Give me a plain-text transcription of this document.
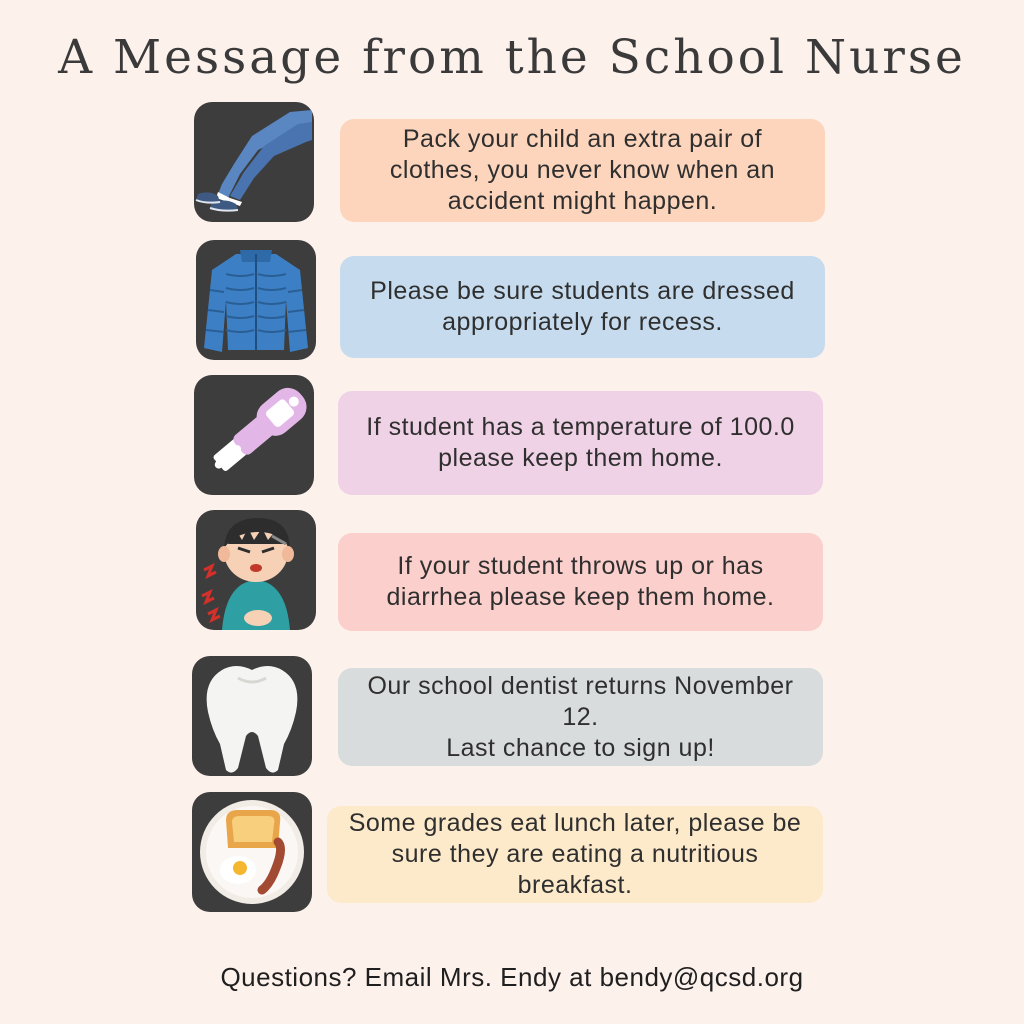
A Message from the School Nurse
Pack your child an extra pair of clothes, you never know when an accident might happen.
Please be sure students are dressed appropriately for recess.
If student has a temperature of 100.0 please keep them home.
If your student throws up or has diarrhea please keep them home.
Our school dentist returns November 12.
Last chance to sign up!
Some grades eat lunch later, please be sure they are eating a nutritious breakfast.
Questions? Email Mrs. Endy at bendy@qcsd.org
